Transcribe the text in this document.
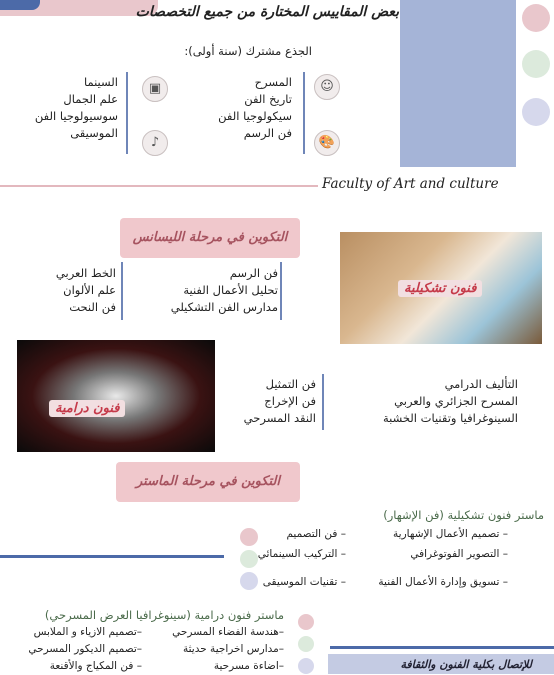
بعض المقاييس المختارة من جميع التخصصات
الجذع مشترك (سنة أولى):
☺
🎨
المسرح
تاريخ الفن
سيكولوجيا الفن
فن الرسم
▣
♪
السينما
علم الجمال
سوسيولوجيا الفن
الموسيقى
Faculty of Art and culture
التكوين في مرحلة الليسانس
فن الرسم
تحليل الأعمال الفنية
مدارس الفن التشكيلي
الخط العربي
علم الألوان
فن النحت
فنون تشكيلية
فنون درامية
التأليف الدرامي
المسرح الجزائري والعربي
السينوغرافيا وتقنيات الخشبة
فن التمثيل
فن الإخراج
النقد المسرحي
التكوين في مرحلة الماستر
ماستر فنون تشكيلية (فن الإشهار)
– تصميم الأعمال الإشهارية
– التصوير الفوتوغرافي
– تسويق وإدارة الأعمال الفنية
– فن التصميم
– التركيب السينمائي
– تقنيات الموسيقى
ماستر فنون درامية (سينوغرافيا العرض المسرحي)
–هندسة الفضاء المسرحي
–مدارس اخراجية حديثة
–اضاءة مسرحية
–تصميم الازياء و الملابس
–تصميم الديكور المسرحي
– فن المكياج والأقنعة	للإتصال بكلية الفنون والثقافة
